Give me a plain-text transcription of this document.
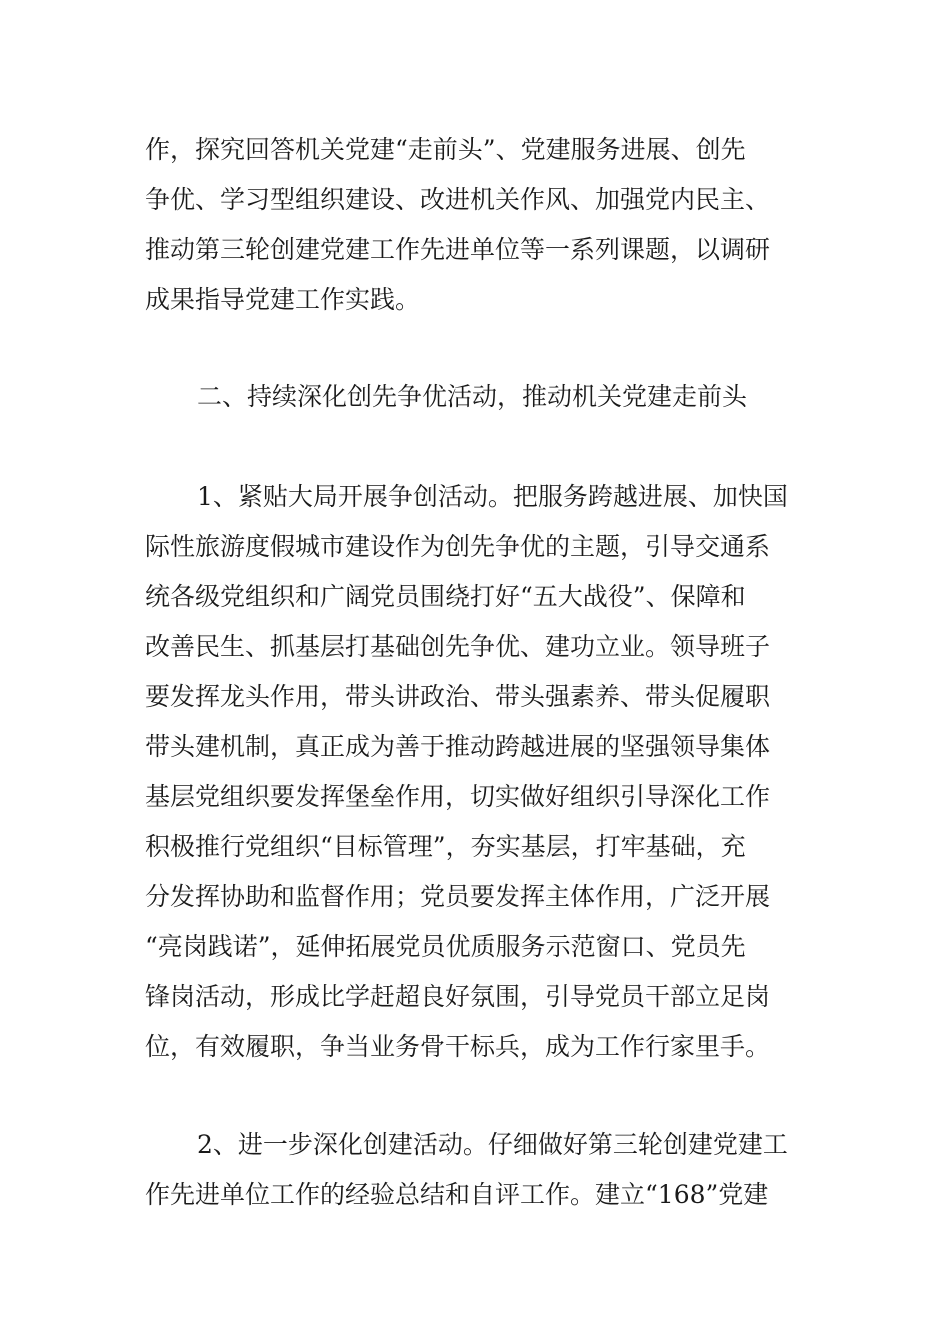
作，探究回答机关党建“走前头”、党建服务进展、创先
争优、学习型组织建设、改进机关作风、加强党内民主、
推动第三轮创建党建工作先进单位等一系列课题，以调研
成果指导党建工作实践。
二、持续深化创先争优活动，推动机关党建走前头
1、紧贴大局开展争创活动。把服务跨越进展、加快国
际性旅游度假城市建设作为创先争优的主题，引导交通系
统各级党组织和广阔党员围绕打好“五大战役”、保障和
改善民生、抓基层打基础创先争优、建功立业。领导班子
要发挥龙头作用，带头讲政治、带头强素养、带头促履职
带头建机制，真正成为善于推动跨越进展的坚强领导集体
基层党组织要发挥堡垒作用，切实做好组织引导深化工作
积极推行党组织“目标管理”，夯实基层，打牢基础，充
分发挥协助和监督作用；党员要发挥主体作用，广泛开展
“亮岗践诺”，延伸拓展党员优质服务示范窗口、党员先
锋岗活动，形成比学赶超良好氛围，引导党员干部立足岗
位，有效履职，争当业务骨干标兵，成为工作行家里手。
2、进一步深化创建活动。仔细做好第三轮创建党建工
作先进单位工作的经验总结和自评工作。建立“168”党建
